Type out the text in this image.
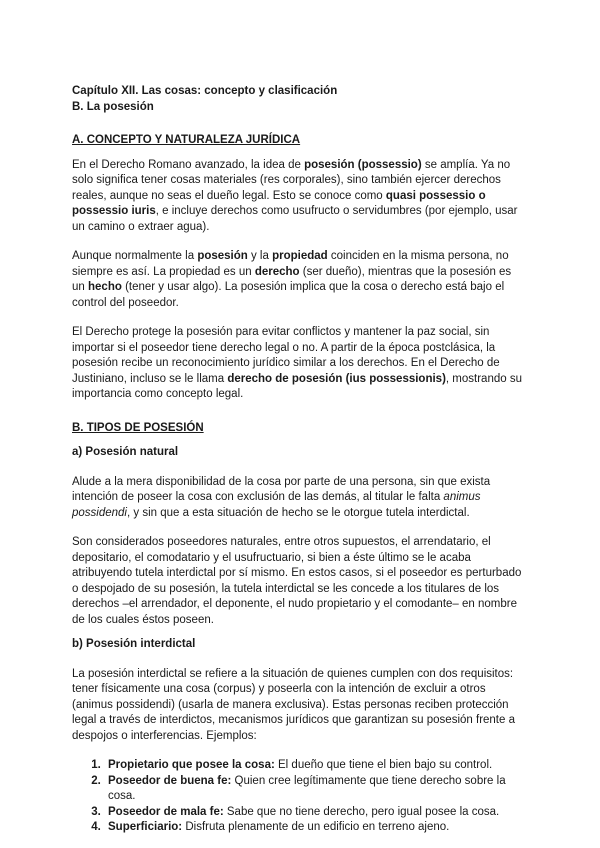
Capítulo XII. Las cosas: concepto y clasificación

B. La posesión

A. CONCEPTO Y NATURALEZA JURÍDICA

En el Derecho Romano avanzado, la idea de posesión (possessio) se amplía. Ya no solo significa tener cosas materiales (res corporales), sino también ejercer derechos reales, aunque no seas el dueño legal. Esto se conoce como quasi possessio o possessio iuris, e incluye derechos como usufructo o servidumbres (por ejemplo, usar un camino o extraer agua).

Aunque normalmente la posesión y la propiedad coinciden en la misma persona, no siempre es así. La propiedad es un derecho (ser dueño), mientras que la posesión es un hecho (tener y usar algo). La posesión implica que la cosa o derecho está bajo el control del poseedor.

El Derecho protege la posesión para evitar conflictos y mantener la paz social, sin importar si el poseedor tiene derecho legal o no. A partir de la época postclásica, la posesión recibe un reconocimiento jurídico similar a los derechos. En el Derecho de Justiniano, incluso se le llama derecho de posesión (ius possessionis), mostrando su importancia como concepto legal.

B. TIPOS DE POSESIÓN

a) Posesión natural

Alude a la mera disponibilidad de la cosa por parte de una persona, sin que exista intención de poseer la cosa con exclusión de las demás, al titular le falta animus possidendi, y sin que a esta situación de hecho se le otorgue tutela interdictal.

Son considerados poseedores naturales, entre otros supuestos, el arrendatario, el depositario, el comodatario y el usufructuario, si bien a éste último se le acaba atribuyendo tutela interdictal por sí mismo. En estos casos, si el poseedor es perturbado o despojado de su posesión, la tutela interdictal se les concede a los titulares de los derechos –el arrendador, el deponente, el nudo propietario y el comodante– en nombre de los cuales éstos poseen.

b) Posesión interdictal

La posesión interdictal se refiere a la situación de quienes cumplen con dos requisitos: tener físicamente una cosa (corpus) y poseerla con la intención de excluir a otros (animus possidendi) (usarla de manera exclusiva). Estas personas reciben protección legal a través de interdictos, mecanismos jurídicos que garantizan su posesión frente a despojos o interferencias. Ejemplos:

1. Propietario que posee la cosa: El dueño que tiene el bien bajo su control.
2. Poseedor de buena fe: Quien cree legítimamente que tiene derecho sobre la cosa.
3. Poseedor de mala fe: Sabe que no tiene derecho, pero igual posee la cosa.
4. Superficiario: Disfruta plenamente de un edificio en terreno ajeno.
